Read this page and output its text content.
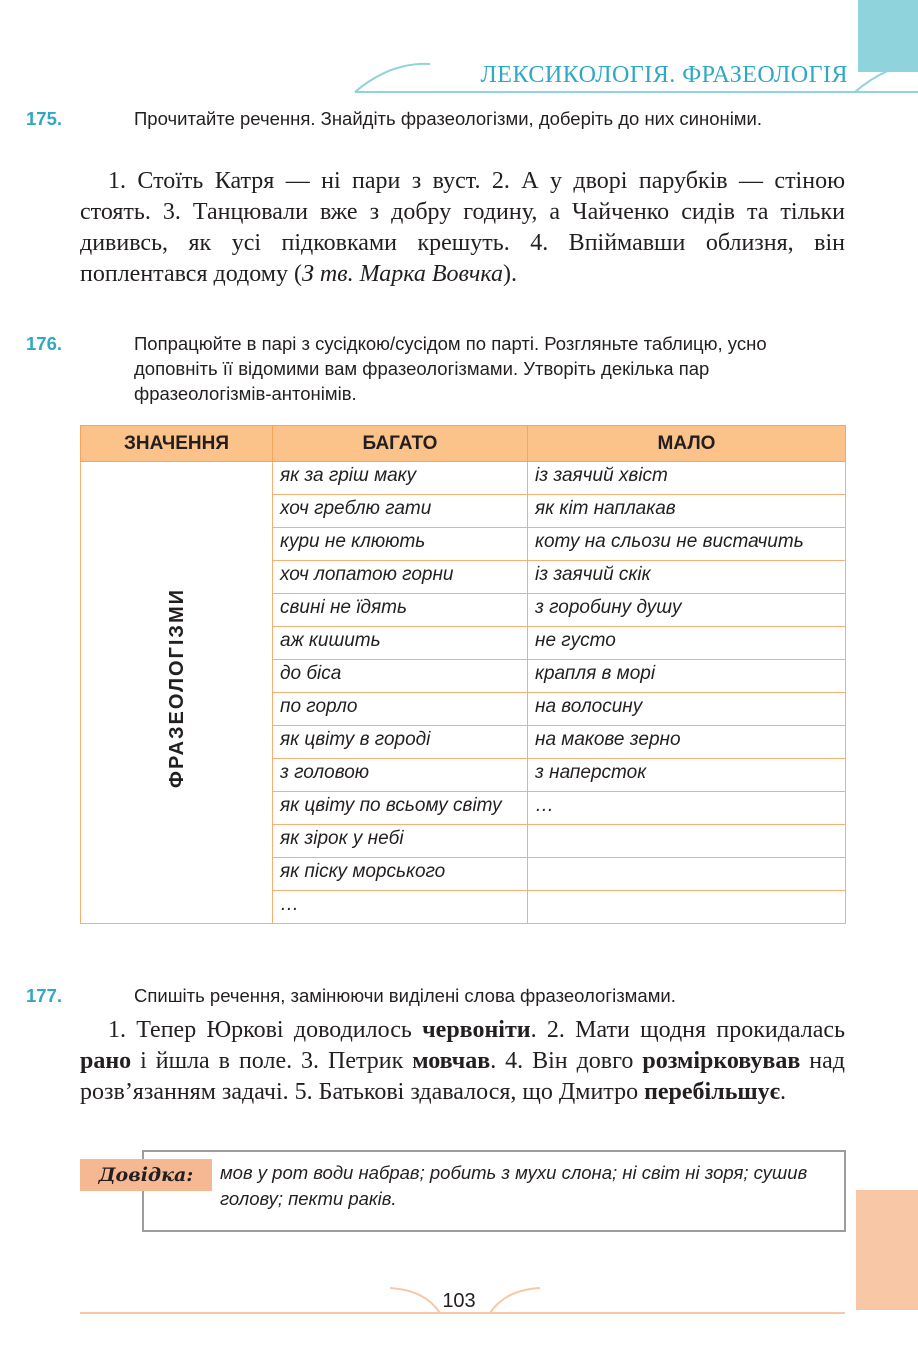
ЛЕКСИКОЛОГІЯ. ФРАЗЕОЛОГІЯ

175.	Прочитайте речення. Знайдіть фразеологізми, доберіть до них синоніми.

1. Стоїть Катря — ні пари з вуст. 2. А у дворі парубків — стіною стоять. 3. Танцювали вже з добру годину, а Чайченко сидів та тільки дививсь, як усі підковками крешуть. 4. Впіймавши облизня, він поплентався додому (З тв. Марка Вовчка).

176.	Попрацюйте в парі з сусідкою/сусідом по парті. Розгляньте таблицю, усно доповніть її відомими вам фразеологізмами. Утворіть декілька пар фразеологізмів-антонімів.

ЗНАЧЕННЯ	БАГАТО	МАЛО
ФРАЗЕОЛОГІЗМИ	як за гріш маку	із заячий хвіст
	хоч греблю гати	як кіт наплакав
	кури не клюють	коту на сльози не вистачить
	хоч лопатою горни	із заячий скік
	свині не їдять	з горобину душу
	аж кишить	не густо
	до біса	крапля в морі
	по горло	на волосину
	як цвіту в городі	на макове зерно
	з головою	з наперсток
	як цвіту по всьому світу	…
	як зірок у небі	
	як піску морського	
	…	

177.	Спишіть речення, замінюючи виділені слова фразеологізмами.

1. Тепер Юркові доводилось червоніти. 2. Мати щодня прокидалась рано і йшла в поле. 3. Петрик мовчав. 4. Він довго розмірковував над розв’язанням задачі. 5. Батькові здавалося, що Дмитро перебільшує.

Довідка:	мов у рот води набрав; робить з мухи слона; ні світ ні зоря; сушив голову; пекти раків.
103
